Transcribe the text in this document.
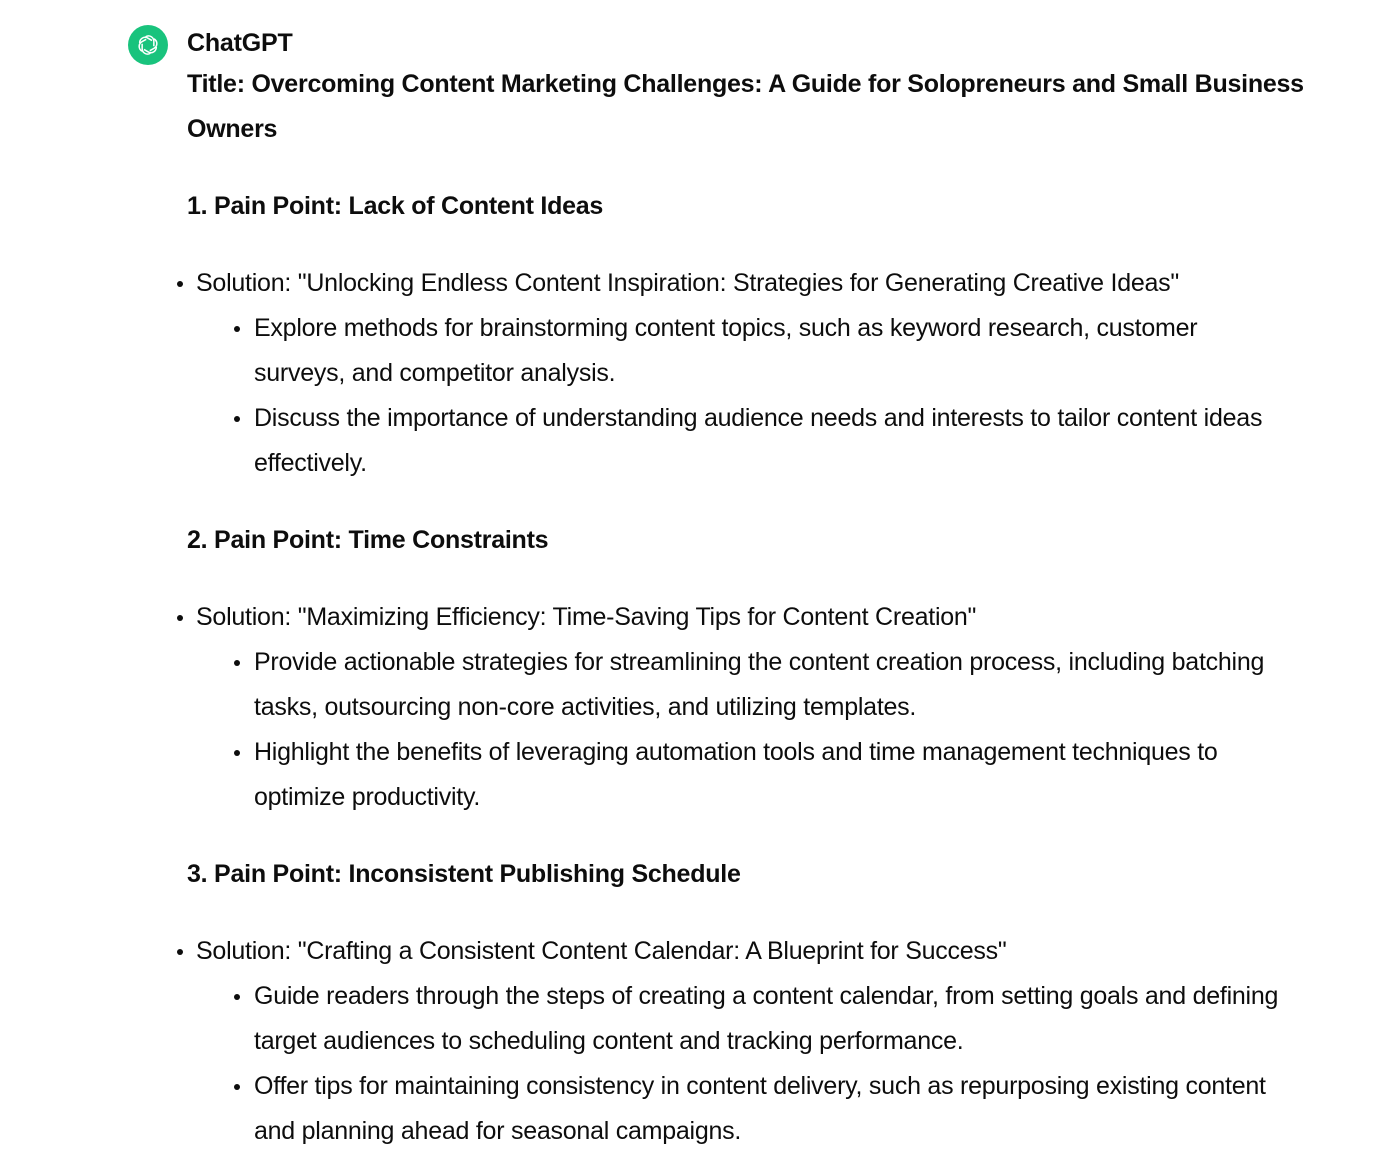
ChatGPT

Title: Overcoming Content Marketing Challenges: A Guide for Solopreneurs and Small Business Owners

1. Pain Point: Lack of Content Ideas

Solution: "Unlocking Endless Content Inspiration: Strategies for Generating Creative Ideas"
Explore methods for brainstorming content topics, such as keyword research, customer surveys, and competitor analysis.
Discuss the importance of understanding audience needs and interests to tailor content ideas effectively.

2. Pain Point: Time Constraints

Solution: "Maximizing Efficiency: Time-Saving Tips for Content Creation"
Provide actionable strategies for streamlining the content creation process, including batching tasks, outsourcing non-core activities, and utilizing templates.
Highlight the benefits of leveraging automation tools and time management techniques to optimize productivity.

3. Pain Point: Inconsistent Publishing Schedule

Solution: "Crafting a Consistent Content Calendar: A Blueprint for Success"
Guide readers through the steps of creating a content calendar, from setting goals and defining target audiences to scheduling content and tracking performance.
Offer tips for maintaining consistency in content delivery, such as repurposing existing content and planning ahead for seasonal campaigns.
